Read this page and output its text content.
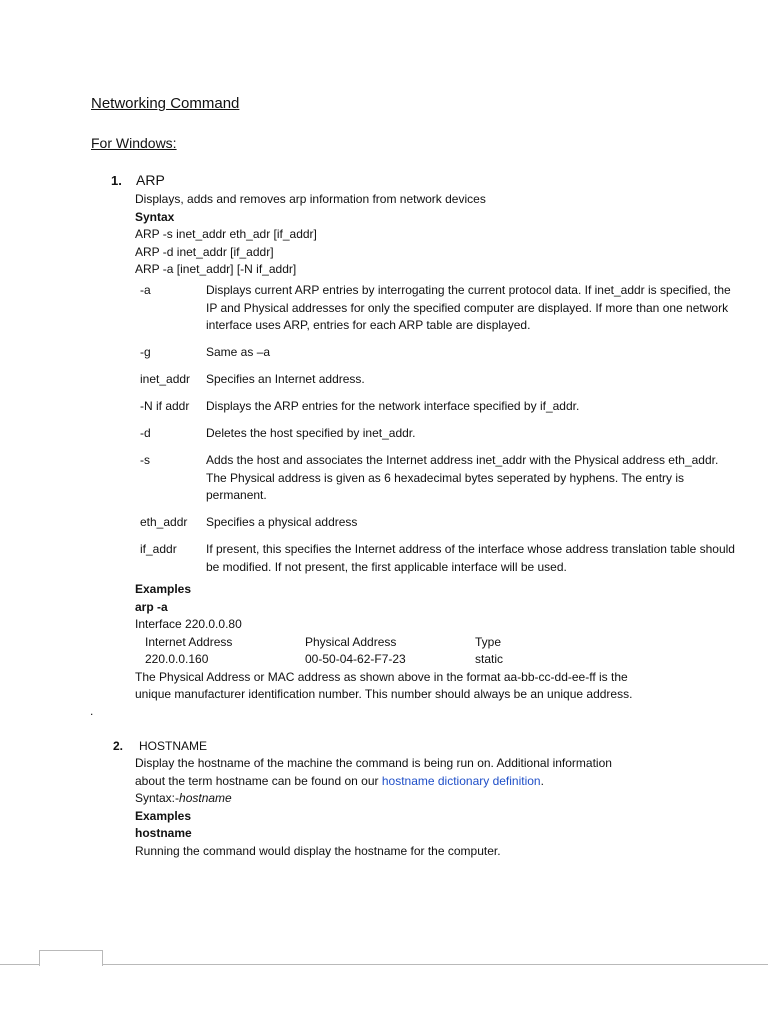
Networking Command
For Windows:
1. ARP
Displays, adds and removes arp information from network devices
Syntax
ARP -s inet_addr eth_adr [if_addr]
ARP -d inet_addr [if_addr]
ARP -a [inet_addr] [-N if_addr]
-a	Displays current ARP entries by interrogating the current protocol data. If inet_addr is specified, the IP and Physical addresses for only the specified computer are displayed. If more than one network interface uses ARP, entries for each ARP table are displayed.
-g	Same as –a
inet_addr	Specifies an Internet address.
-N if addr	Displays the ARP entries for the network interface specified by if_addr.
-d	Deletes the host specified by inet_addr.
-s	Adds the host and associates the Internet address inet_addr with the Physical address eth_addr. The Physical address is given as 6 hexadecimal bytes seperated by hyphens. The entry is permanent.
eth_addr	Specifies a physical address
if_addr	If present, this specifies the Internet address of the interface whose address translation table should be modified. If not present, the first applicable interface will be used.
Examples
arp -a
Interface 220.0.0.80
Internet Address	Physical Address	Type
220.0.0.160	00-50-04-62-F7-23	static
The Physical Address or MAC address as shown above in the format aa-bb-cc-dd-ee-ff is the
unique manufacturer identification number. This number should always be an unique address.
.
2. HOSTNAME
Display the hostname of the machine the command is being run on. Additional information
about the term hostname can be found on our hostname dictionary definition.
Syntax:-hostname
Examples
hostname
Running the command would display the hostname for the computer.
